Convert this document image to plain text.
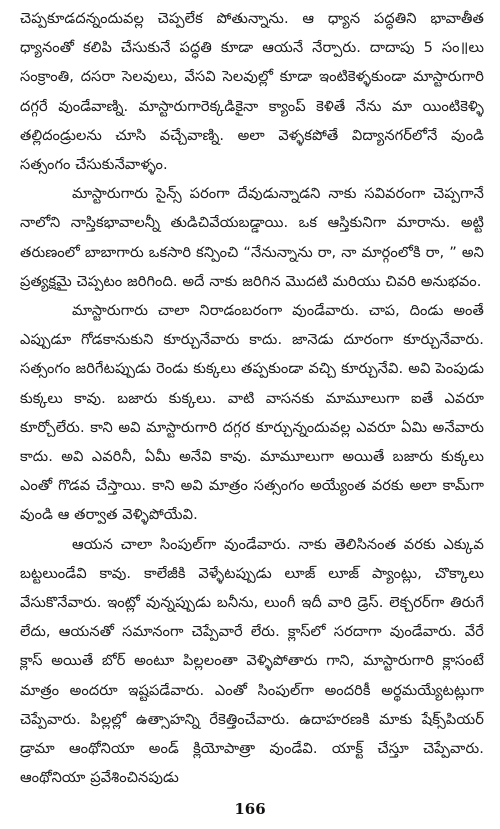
చెప్పకూడదన్నందువల్ల చెప్పలేక పోతున్నాను. ఆ ధ్యాన పద్ధతిని భావాతీత ధ్యానంతో కలిపి చేసుకునే పద్ధతి కూడా ఆయనే నేర్పారు. దాదాపు 5 సం॥లు సంక్రాంతి, దసరా సెలవులు, వేసవి సెలవుల్లో కూడా ఇంటికెళ్ళకుండా మాస్టారుగారి దగ్గరే వుండేవాణ్ని. మాస్టారుగారెక్కడికైనా క్యాంప్ కెళితే నేను మా యింటికెళ్ళి తల్లిదండ్రులను చూసి వచ్చేవాణ్ని. అలా వెళ్ళకపోతే విద్యానగర్‌లోనే వుండి సత్సంగం చేసుకునేవాళ్ళం.

మాస్టారుగారు సైన్స్ పరంగా దేవుడున్నాడని నాకు సవివరంగా చెప్పగానే నాలోని నాస్తికభావాలన్నీ తుడిచివేయబడ్డాయి. ఒక ఆస్తికునిగా మారాను. అట్టి తరుణంలో బాబాగారు ఒకసారి కన్పించి “నేనున్నాను రా, నా మార్గంలోకి రా, ” అని ప్రత్యక్షమై చెప్పటం జరిగింది. అదే నాకు జరిగిన మొదటి మరియు చివరి అనుభవం.

మాస్టారుగారు చాలా నిరాడంబరంగా వుండేవారు. చాప, దిండు అంతే ఎప్పుడూ గోడకానుకుని కూర్చునేవారు కాదు. జానెడు దూరంగా కూర్చునేవారు. సత్సంగం జరిగేటప్పుడు రెండు కుక్కలు తప్పకుండా వచ్చి కూర్చునేవి. అవి పెంపుడు కుక్కలు కావు. బజారు కుక్కలు. వాటి వాసనకు మామూలుగా ఐతే ఎవరూ కూర్చోలేరు. కాని అవి మాస్టారుగారి దగ్గర కూర్చున్నందువల్ల ఎవరూ ఏమి అనేవారు కాదు. అవి ఎవరినీ, ఏమీ అనేవి కావు. మామూలుగా అయితే బజారు కుక్కలు ఎంతో గొడవ చేస్తాయి. కాని అవి మాత్రం సత్సంగం అయ్యేంత వరకు అలా కామ్‌గా వుండి ఆ తర్వాత వెళ్ళిపోయేవి.

ఆయన చాలా సింపుల్‌గా వుండేవారు. నాకు తెలిసినంత వరకు ఎక్కువ బట్టలుండేవి కావు. కాలేజీకి వెళ్ళేటప్పుడు లూజ్ లూజ్ ప్యాంట్లు, చొక్కాలు వేసుకొనేవారు. ఇంట్లో వున్నప్పుడు బనీను, లుంగీ ఇదీ వారి డ్రెస్. లెక్చరర్‌గా తిరుగే లేదు, ఆయనతో సమానంగా చెప్పేవారే లేరు. క్లాస్‌లో సరదాగా వుండేవారు. వేరే క్లాస్ అయితే బోర్ అంటూ పిల్లలంతా వెళ్ళిపోతారు గాని, మాస్టారుగారి క్లాసంటే మాత్రం అందరూ ఇష్టపడేవారు. ఎంతో సింపుల్‌గా అందరికీ అర్థమయ్యేటట్లుగా చెప్పేవారు. పిల్లల్లో ఉత్సాహన్ని రేకెత్తించేవారు. ఉదాహరణకి మాకు షేక్స్‌పియర్ డ్రామా ఆంథోనియా అండ్ క్లియోపాత్రా వుండేవి. యాక్ట్ చేస్తూ చెప్పేవారు. ఆంథోనియా ప్రవేశించినపుడు

166
